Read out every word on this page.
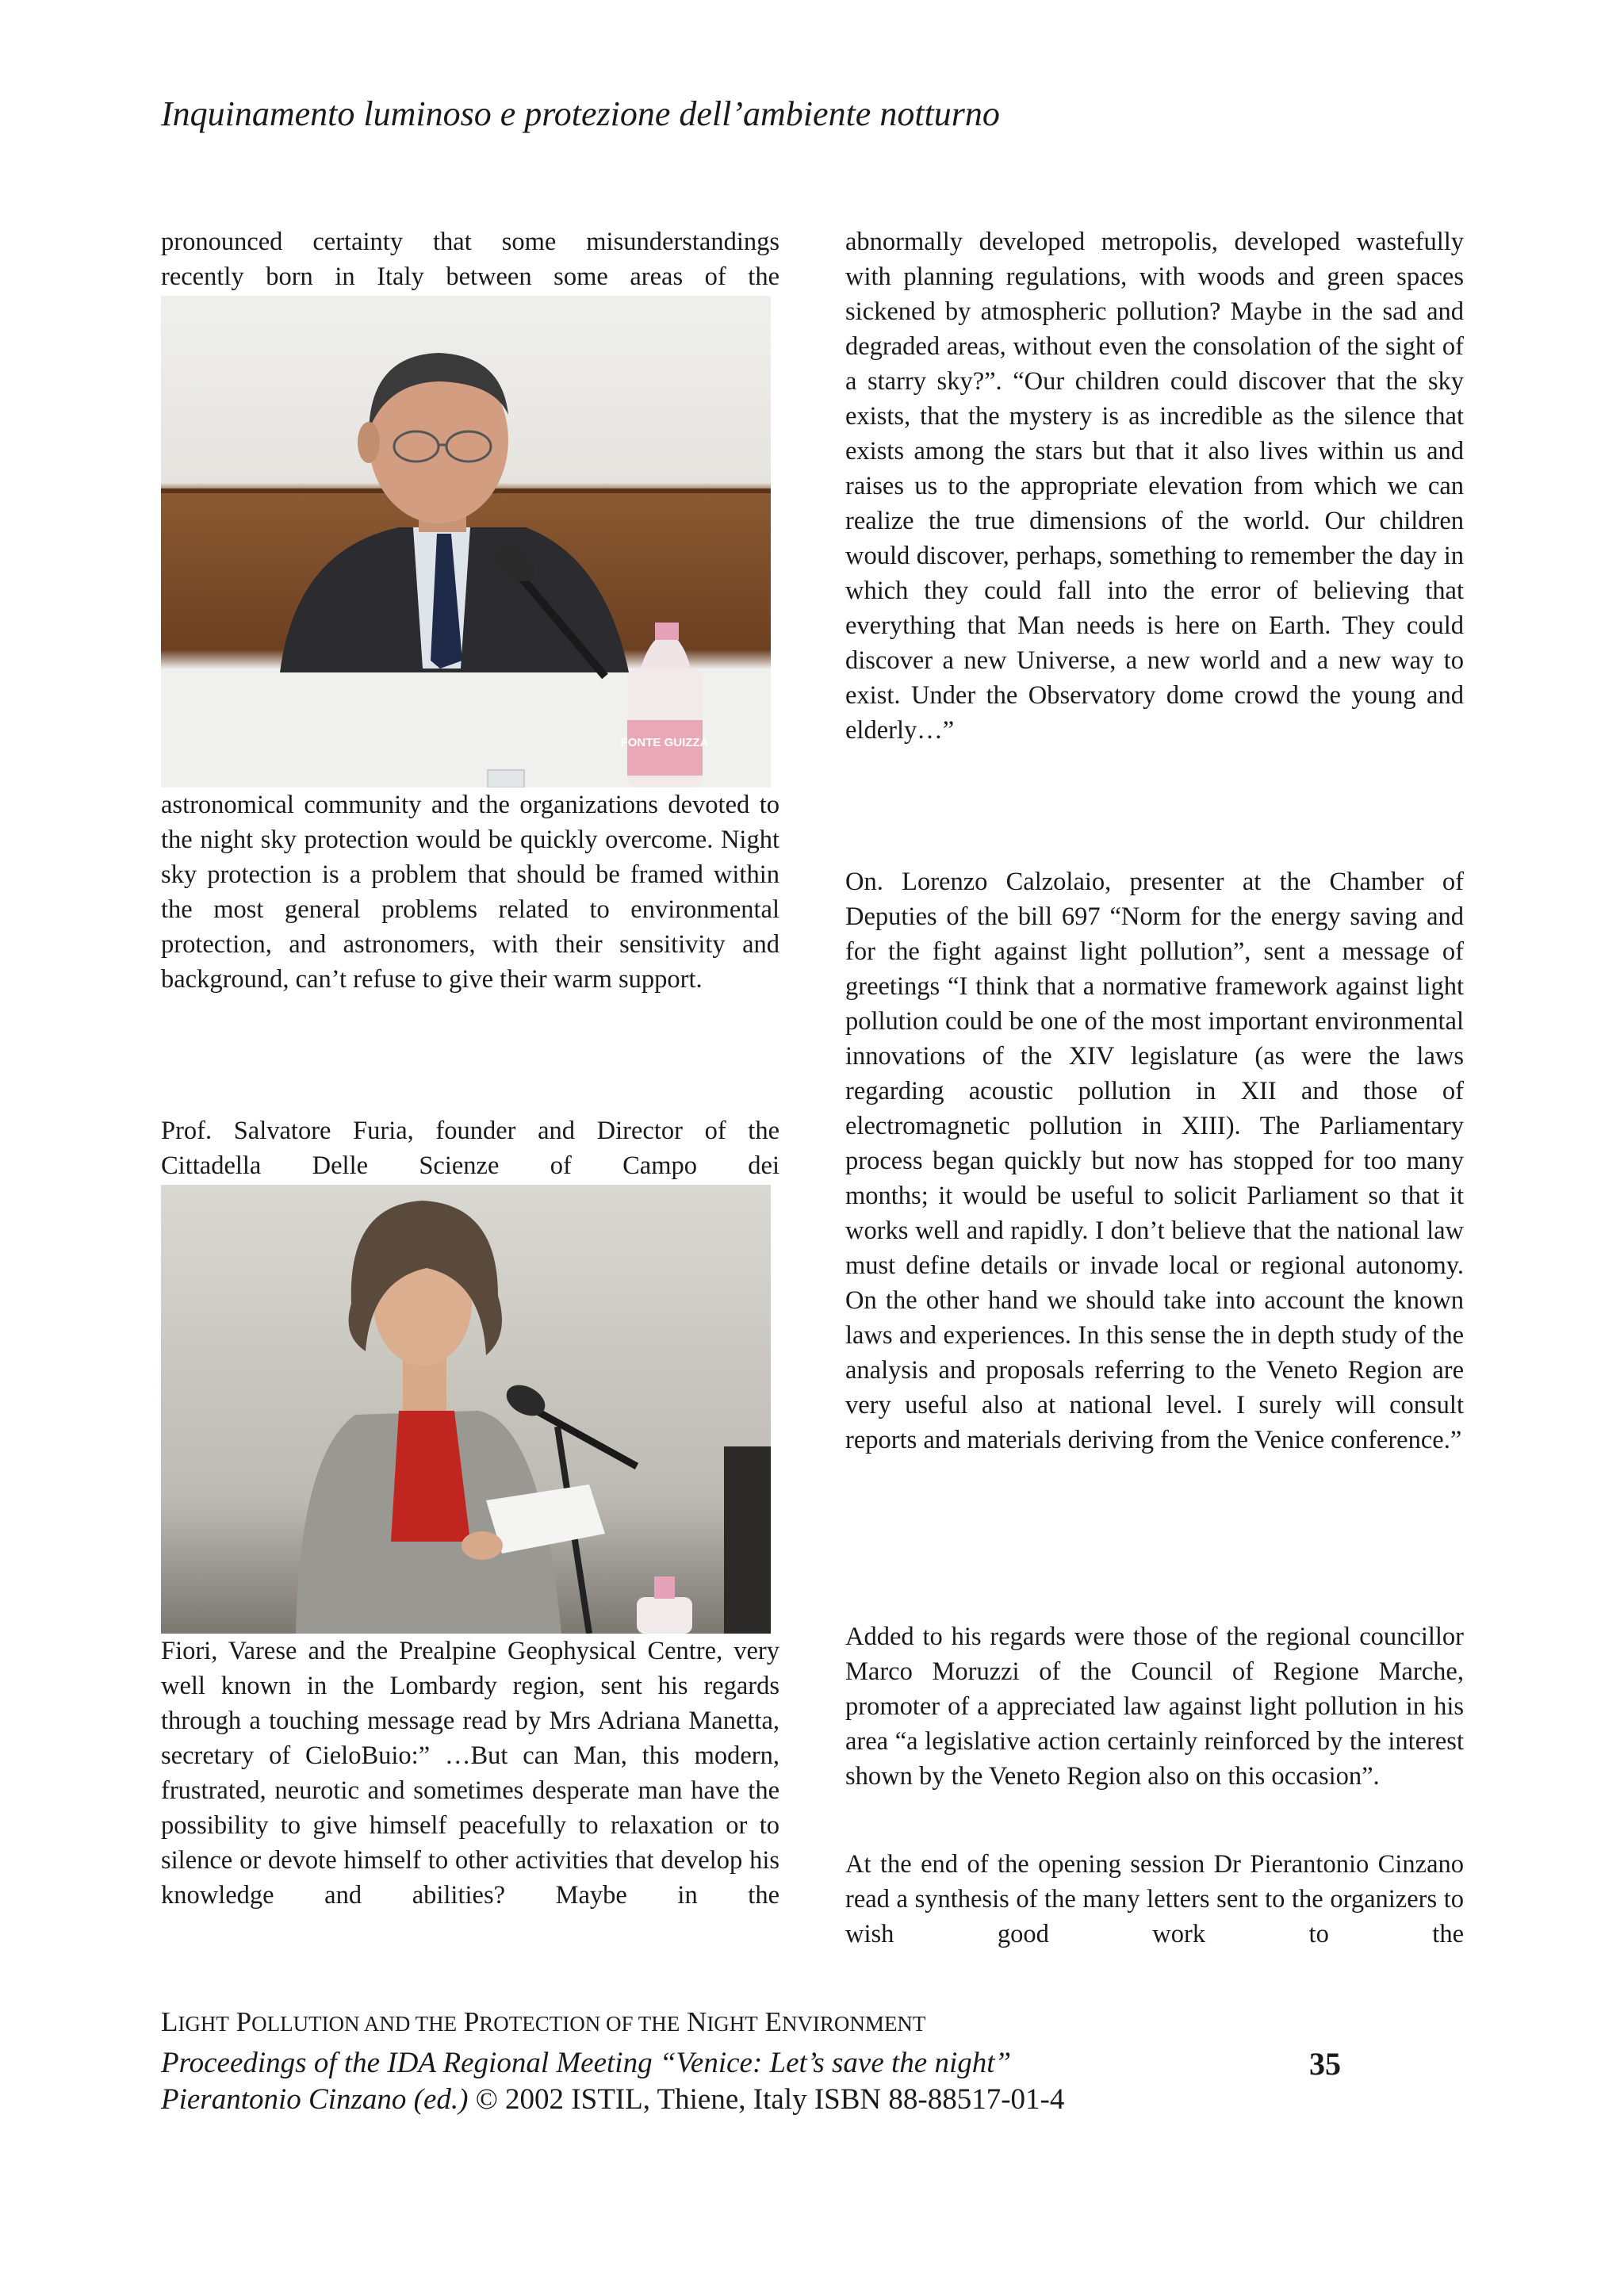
Inquinamento luminoso e protezione dell’ambiente notturno

pronounced certainty that some misunderstandings

recently born in Italy between some areas of the

FONTE GUIZZA

astronomical community and the organizations devoted to the night sky protection would be quickly overcome. Night sky protection is a problem that should be framed within the most general problems related to environmental protection, and astronomers, with their sensitivity and background, can’t refuse to give their warm support.

Prof. Salvatore Furia, founder and Director of the

Cittadella Delle Scienze of Campo dei

Fiori, Varese and the Prealpine Geophysical Centre, very well known in the Lombardy region, sent his regards through a touching message read by Mrs Adriana Manetta, secretary of CieloBuio:” …But can Man, this modern, frustrated, neurotic and sometimes desperate man have the possibility to give himself peacefully to relaxation or to silence or devote himself to other activities that develop his knowledge and abilities? Maybe in the

abnormally developed metropolis, developed wastefully with planning regulations, with woods and green spaces sickened by atmospheric pollution? Maybe in the sad and degraded areas, without even the consolation of the sight of a starry sky?”. “Our children could discover that the sky exists, that the mystery is as incredible as the silence that exists among the stars but that it also lives within us and raises us to the appropriate elevation from which we can realize the true dimensions of the world. Our children would discover, perhaps, something to remember the day in which they could fall into the error of believing that everything that Man needs is here on Earth. They could discover a new Universe, a new world and a new way to exist. Under the Observatory dome crowd the young and elderly…”

On. Lorenzo Calzolaio, presenter at the Chamber of Deputies of the bill 697 “Norm for the energy saving and for the fight against light pollution”, sent a message of greetings “I think that a normative framework against light pollution could be one of the most important environmental innovations of the XIV legislature (as were the laws regarding acoustic pollution in XII and those of electromagnetic pollution in XIII). The Parliamentary process began quickly but now has stopped for too many months; it would be useful to solicit Parliament so that it works well and rapidly. I don’t believe that the national law must define details or invade local or regional autonomy. On the other hand we should take into account the known laws and experiences. In this sense the in depth study of the analysis and proposals referring to the Veneto Region are very useful also at national level. I surely will consult reports and materials deriving from the Venice conference.”

Added to his regards were those of the regional councillor Marco Moruzzi of the Council of Regione Marche, promoter of a appreciated law against light pollution in his area “a legislative action certainly reinforced by the interest shown by the Veneto Region also on this occasion”.

At the end of the opening session Dr Pierantonio Cinzano read a synthesis of the many letters sent to the organizers to wish good work to the

LIGHT POLLUTION AND THE PROTECTION OF THE NIGHT ENVIRONMENT
Proceedings of the IDA Regional Meeting “Venice: Let’s save the night”	35
Pierantonio Cinzano (ed.) © 2002 ISTIL, Thiene, Italy ISBN 88-88517-01-4
